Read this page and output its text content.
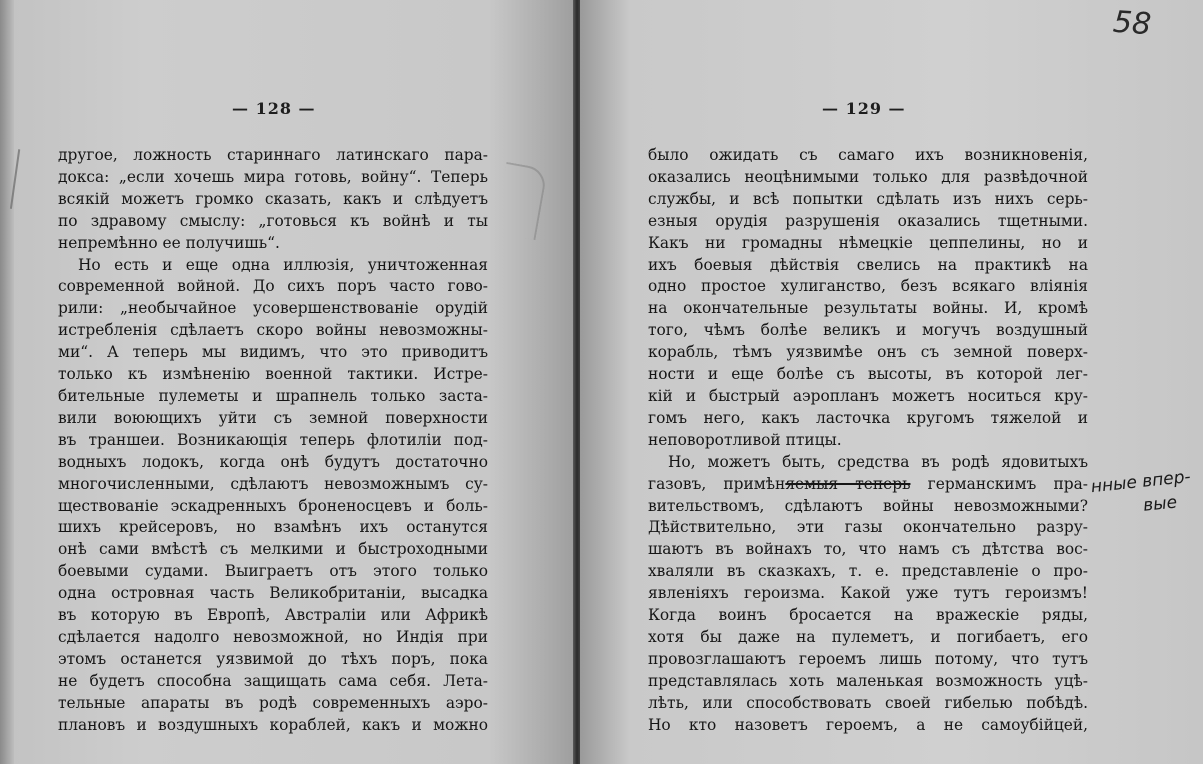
— 128 —
другое, ложность стариннаго латинскаго пара-
докса: „если хочешь мира готовь, войну“. Теперь
всякій можетъ громко сказать, какъ и слѣдуетъ
по здравому смыслу: „готовься къ войнѣ и ты
непремѣнно ее получишь“.
Но есть и еще одна иллюзія, уничтоженная
современной войной. До сихъ поръ часто гово-
рили: „необычайное усовершенствованіе орудій
истребленія сдѣлаетъ скоро войны невозможны-
ми“. А теперь мы видимъ, что это приводитъ
только къ измѣненію военной тактики. Истре-
бительные пулеметы и шрапнель только заста-
вили воюющихъ уйти съ земной поверхности
въ траншеи. Возникающія теперь флотиліи под-
водныхъ лодокъ, когда онѣ будутъ достаточно
многочисленными, сдѣлаютъ невозможнымъ су-
ществованіе эскадренныхъ броненосцевъ и боль-
шихъ крейсеровъ, но взамѣнъ ихъ останутся
онѣ сами вмѣстѣ съ мелкими и быстроходными
боевыми судами. Выиграетъ отъ этого только
одна островная часть Великобританіи, высадка
въ которую въ Европѣ, Австраліи или Африкѣ
сдѣлается надолго невозможной, но Индія при
этомъ останется уязвимой до тѣхъ поръ, пока
не будетъ способна защищать сама себя. Лета-
тельные апараты въ родѣ современныхъ аэро-
плановъ и воздушныхъ кораблей, какъ и можно
58
— 129 —
было ожидать съ самаго ихъ возникновенія,
оказались неоцѣнимыми только для развѣдочной
службы, и всѣ попытки сдѣлать изъ нихъ серь-
езныя орудія разрушенія оказались тщетными.
Какъ ни громадны нѣмецкіе цеппелины, но и
ихъ боевыя дѣйствія свелись на практикѣ на
одно простое хулиганство, безъ всякаго вліянія
на окончательные результаты войны. И, кромѣ
того, чѣмъ болѣе великъ и могучъ воздушный
корабль, тѣмъ уязвимѣе онъ съ земной поверх-
ности и еще болѣе съ высоты, въ которой лег-
кій и быстрый аэропланъ можетъ носиться кру-
гомъ него, какъ ласточка кругомъ тяжелой и
неповоротливой птицы.
Но, можетъ быть, средства въ родѣ ядовитыхъ
газовъ, примѣняемыя теперь германскимъ пра-
вительствомъ, сдѣлаютъ войны невозможными?
Дѣйствительно, эти газы окончательно разру-
шаютъ въ войнахъ то, что намъ съ дѣтства вос-
хваляли въ сказкахъ, т. е. представленіе о про-
явленіяхъ героизма. Какой уже тутъ героизмъ!
Когда воинъ бросается на вражескіе ряды,
хотя бы даже на пулеметъ, и погибаетъ, его
провозглашаютъ героемъ лишь потому, что тутъ
представлялась хоть маленькая возможность уцѣ-
лѣть, или способствовать своей гибелью побѣдѣ.
Но кто назоветъ героемъ, а не самоубійцей,
нные впер-
вые
